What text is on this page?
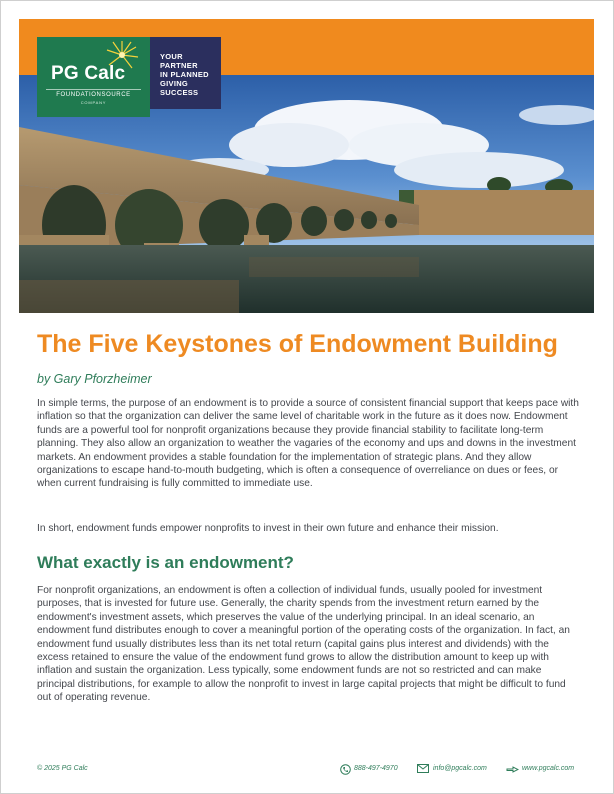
PG Calc
FOUNDATIONSOURCE
COMPANY
YOUR
PARTNER
IN PLANNED
GIVING
SUCCESS
The Five Keystones of Endowment Building
by Gary Pforzheimer

In simple terms, the purpose of an endowment is to provide a source of consistent financial support that keeps pace with inflation so that the organization can deliver the same level of charitable work in the future as it does now. Endowment funds are a powerful tool for nonprofit organizations because they provide financial stability to facilitate long-term planning. They also allow an organization to weather the vagaries of the economy and ups and downs in the investment markets. An endowment provides a stable foundation for the implementation of strategic plans. And they allow organizations to escape hand-to-mouth budgeting, which is often a consequence of overreliance on dues or fees, or when current fundraising is fully committed to immediate use.

In short, endowment funds empower nonprofits to invest in their own future and enhance their mission.

What exactly is an endowment?

For nonprofit organizations, an endowment is often a collection of individual funds, usually pooled for investment purposes, that is invested for future use. Generally, the charity spends from the investment return earned by the endowment's investment assets, which preserves the value of the underlying principal. In an ideal scenario, an endowment fund distributes enough to cover a meaningful portion of the operating costs of the organization. In fact, an endowment fund usually distributes less than its net total return (capital gains plus interest and dividends) with the excess retained to ensure the value of the endowment fund grows to allow the distribution amount to keep up with inflation and sustain the organization. Less typically, some endowment funds are not so restricted and can make principal distributions, for example to allow the nonprofit to invest in large capital projects that might be difficult to fund out of operating revenue.

© 2025 PG Calc	888-497-4970	info@pgcalc.com	www.pgcalc.com
